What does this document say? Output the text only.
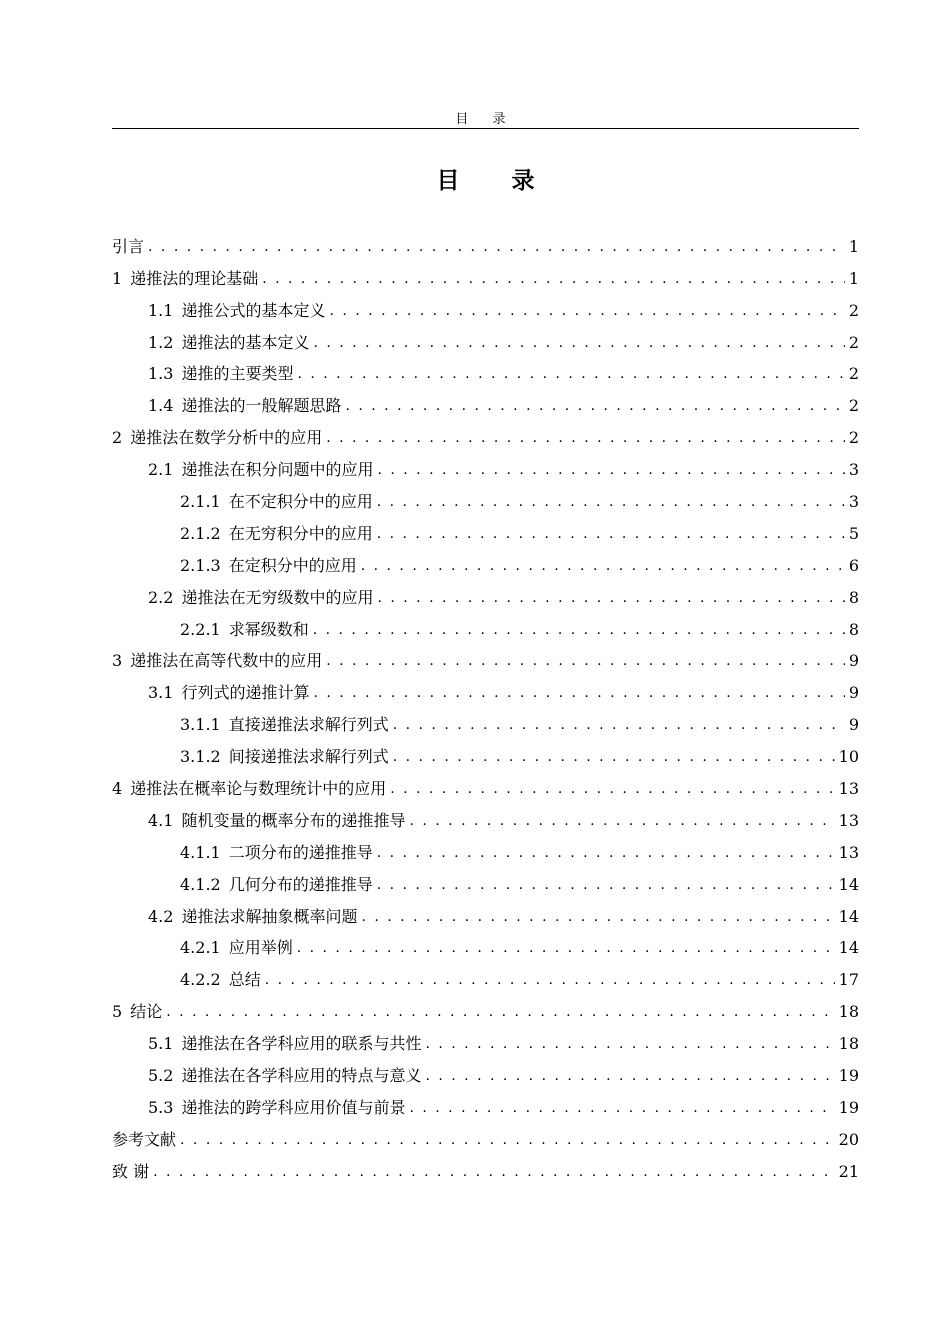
目 录
目 录
引言 . . .	1
1 递推法的理论基础 . . .	1
1.1 递推公式的基本定义 . . .	2
1.2 递推法的基本定义 . . .	2
1.3 递推的主要类型 . . .	2
1.4 递推法的一般解题思路 . . .	2
2 递推法在数学分析中的应用 . . .	2
2.1 递推法在积分问题中的应用 . . .	3
2.1.1 在不定积分中的应用 . . .	3
2.1.2 在无穷积分中的应用 . . .	5
2.1.3 在定积分中的应用 . . .	6
2.2 递推法在无穷级数中的应用 . . .	8
2.2.1 求幂级数和 . . .	8
3 递推法在高等代数中的应用 . . .	9
3.1 行列式的递推计算 . . .	9
3.1.1 直接递推法求解行列式 . . .	9
3.1.2 间接递推法求解行列式 . . .	10
4 递推法在概率论与数理统计中的应用 . . .	13
4.1 随机变量的概率分布的递推推导 . . .	13
4.1.1 二项分布的递推推导 . . .	13
4.1.2 几何分布的递推推导 . . .	14
4.2 递推法求解抽象概率问题 . . .	14
4.2.1 应用举例 . . .	14
4.2.2 总结 . . .	17
5 结论 . . .	18
5.1 递推法在各学科应用的联系与共性 . . .	18
5.2 递推法在各学科应用的特点与意义 . . .	19
5.3 递推法的跨学科应用价值与前景 . . .	19
参考文献 . . .	20
致 谢 . . .	21
